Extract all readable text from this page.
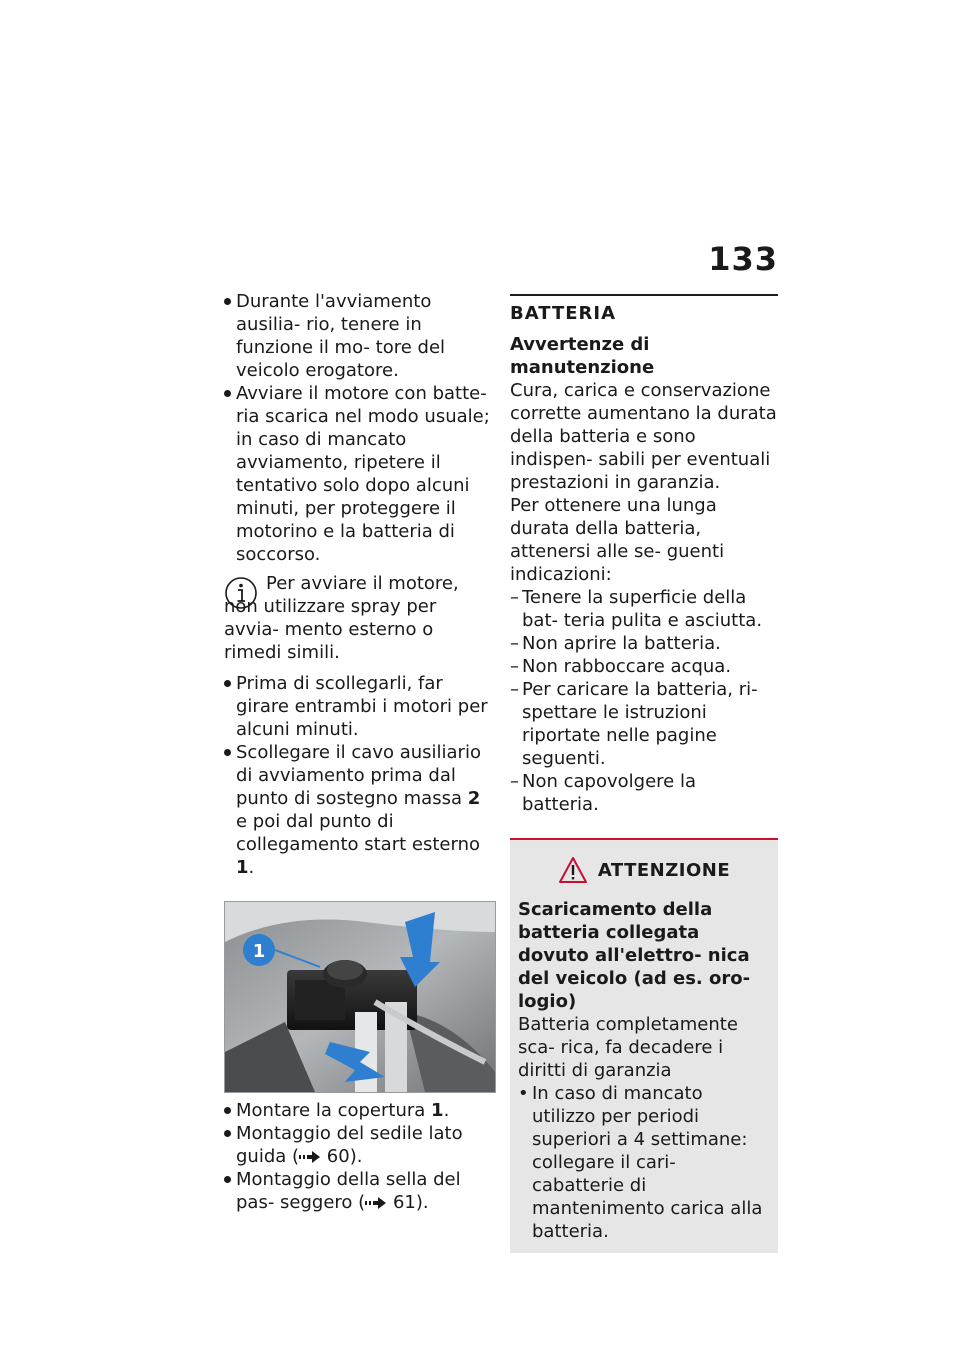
133
Durante l'avviamento ausilia- rio, tenere in funzione il mo- tore del veicolo erogatore.
Avviare il motore con batte- ria scarica nel modo usuale; in caso di mancato avviamento, ripetere il tentativo solo dopo alcuni minuti, per proteggere il motorino e la batteria di soccorso.
Per avviare il motore, non utilizzare spray per avvia- mento esterno o rimedi simili.
Prima di scollegarli, far girare entrambi i motori per alcuni minuti.
Scollegare il cavo ausiliario di avviamento prima dal punto di sostegno massa 2 e poi dal punto di collegamento start esterno 1.
1
Montare la copertura 1.
Montaggio del sedile lato guida ( 60).
Montaggio della sella del pas- seggero ( 61).
BATTERIA
Avvertenze di manutenzione
Cura, carica e conservazione corrette aumentano la durata della batteria e sono indispen- sabili per eventuali prestazioni in garanzia.
Per ottenere una lunga durata della batteria, attenersi alle se- guenti indicazioni:
– Tenere la superficie della bat- teria pulita e asciutta.
– Non aprire la batteria.
– Non rabboccare acqua.
– Per caricare la batteria, ri- spettare le istruzioni riportate nelle pagine seguenti.
– Non capovolgere la batteria.
ATTENZIONE
Scaricamento della batteria collegata dovuto all'elettro- nica del veicolo (ad es. oro- logio)
Batteria completamente sca- rica, fa decadere i diritti di garanzia
• In caso di mancato utilizzo per periodi superiori a 4 settimane: collegare il cari- cabatterie di mantenimento carica alla batteria.
